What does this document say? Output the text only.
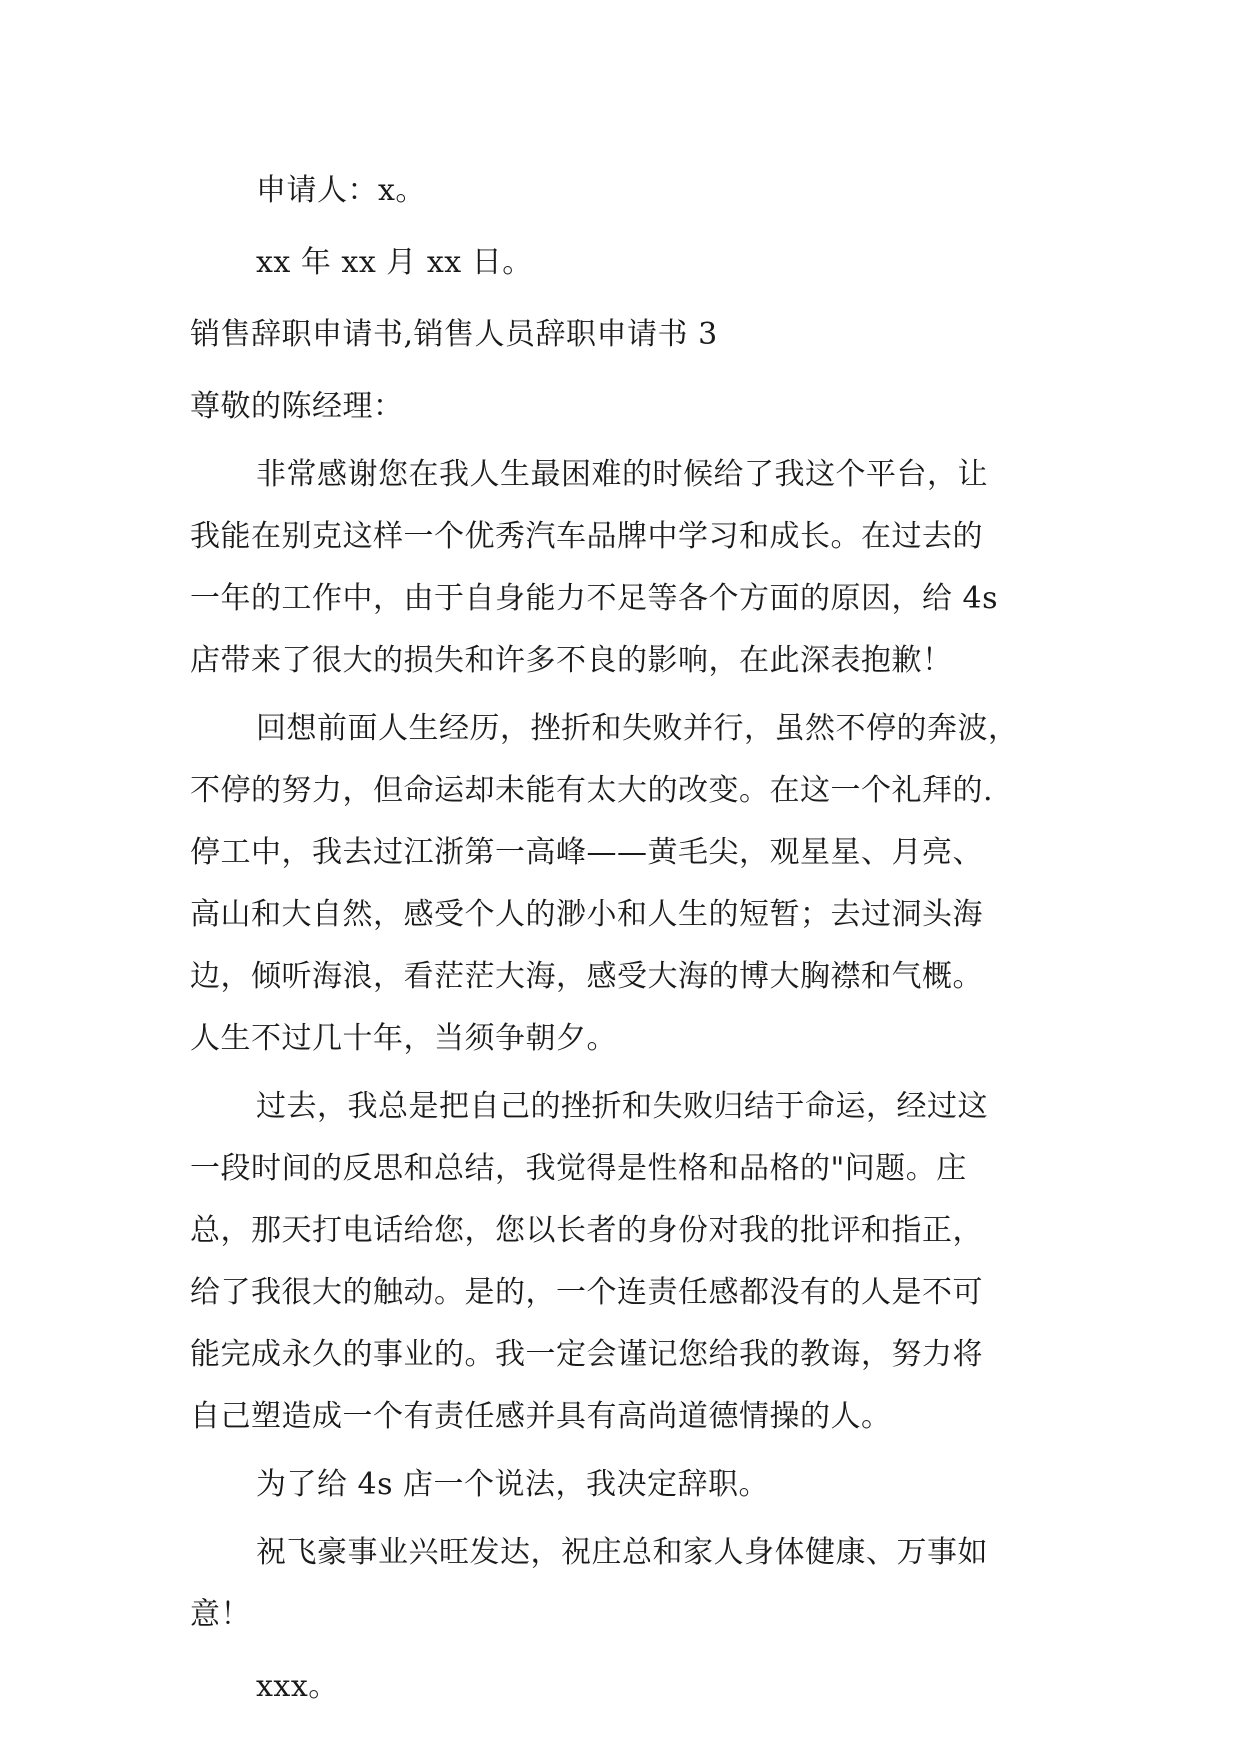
申请人：x。
xx 年 xx 月 xx 日。
销售辞职申请书,销售人员辞职申请书 3
尊敬的陈经理：
非常感谢您在我人生最困难的时候给了我这个平台，让
我能在别克这样一个优秀汽车品牌中学习和成长。在过去的
一年的工作中，由于自身能力不足等各个方面的原因，给 4s
店带来了很大的损失和许多不良的影响，在此深表抱歉！
回想前面人生经历，挫折和失败并行，虽然不停的奔波，
不停的努力，但命运却未能有太大的改变。在这一个礼拜的.
停工中，我去过江浙第一高峰——黄毛尖，观星星、月亮、
高山和大自然，感受个人的渺小和人生的短暂；去过洞头海
边，倾听海浪，看茫茫大海，感受大海的博大胸襟和气概。
人生不过几十年，当须争朝夕。
过去，我总是把自己的挫折和失败归结于命运，经过这
一段时间的反思和总结，我觉得是性格和品格的"问题。庄
总，那天打电话给您，您以长者的身份对我的批评和指正，
给了我很大的触动。是的，一个连责任感都没有的人是不可
能完成永久的事业的。我一定会谨记您给我的教诲，努力将
自己塑造成一个有责任感并具有高尚道德情操的人。
为了给 4s 店一个说法，我决定辞职。
祝飞豪事业兴旺发达，祝庄总和家人身体健康、万事如
意！
xxx。
